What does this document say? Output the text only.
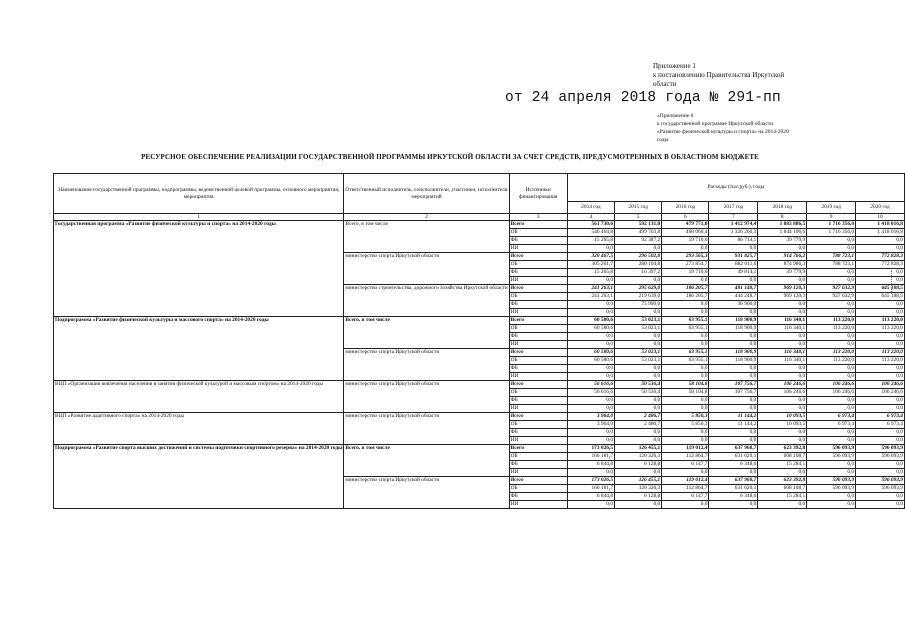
Приложение 1
к постановлению Правительства Иркутской
области
от 24 апреля 2018 года № 291-пп
«Приложение 8
к государственной программе Иркутской области
«Развитие физической культуры и спорта» на 2014-2020
годы
РЕСУРСНОЕ ОБЕСПЕЧЕНИЕ РЕАЛИЗАЦИИ ГОСУДАРСТВЕННОЙ ПРОГРАММЫ ИРКУТСКОЙ ОБЛАСТИ ЗА СЧЕТ СРЕДСТВ, ПРЕДУСМОТРЕННЫХ В ОБЛАСТНОМ БЮДЖЕТЕ
Наименование государственной программы, подпрограммы, ведомственной целевой программы, основного мероприятия, мероприятия	Ответственный исполнитель, соисполнители, участники, исполнители мероприятий	Источники финансирования	Расходы (тыс.руб.), годы						
			2014 год	2015 год	2016 год	2017 год	2018 год	2019 год	2020 год
1	2	3	4	5	6	7	8	9	10
Государственная программа «Развитие физической культуры и спорта» на 2014-2020 годы	Всего, в том числе	Всего	561 730,6	592 131,0	479 771,0	1 412 974,4	1 883 886,5	1 716 356,0	1 418 016,8
		ОБ	546 464,8	499 763,8	460 060,4	1 326 260,3	1 844 106,6	1 716 356,0	1 418 016,8
		ФБ	15 265,8	92 387,2	19 710,6	86 714,1	39 779,9	0,0	0,0
		ИИ	0,0	0,0	0,0	0,0	0,0	0,0	0,0
	министерство спорта Иркутской области	Всего	320 467,5	296 502,0	293 565,3	931 825,7	914 766,2	788 723,1	772 828,3
		ОБ	305 201,7	280 104,8	273 854,7	882 011,6	874 986,3	788 723,1	772 828,3
		ФБ	15 265,8	16 397,2	19 710,6	49 814,1	39 779,9	0,0	0,0
		ИИ	0,0	0,0	0,0	0,0	0,0	0,0	0,0
	министерство строительства, дорожного хозяйства Иркутской области	Всего	241 263,1	295 629,0	186 205,7	481 148,7	969 120,3	927 632,9	645 188,5
		ОБ	241 263,1	219 639,0	186 205,7	444 248,7	969 120,3	927 632,9	645 188,5
		ФБ	0,0	75 990,0	0,0	36 900,0	0,0	0,0	0,0
		ИИ	0,0	0,0	0,0	0,0	0,0	0,0	0,0
Подпрограмма «Развитие физической культуры и массового спорта» на 2014-2020 годы	Всего, в том числе	Всего	60 580,6	53 023,1	63 955,1	118 900,9	116 340,1	113 220,0	113 220,0
		ОБ	60 580,6	53 023,1	63 955,1	118 900,9	116 340,1	113 220,0	113 220,0
		ФБ	0,0	0,0	0,0	0,0	0,0	0,0	0,0
		ИИ	0,0	0,0	0,0	0,0	0,0	0,0	0,0
	министерство спорта Иркутской области	Всего	60 580,6	53 023,1	63 955,1	118 900,9	116 340,1	113 220,0	113 220,0
		ОБ	60 580,6	53 023,1	63 955,1	118 900,9	116 340,1	113 220,0	113 220,0
		ФБ	0,0	0,0	0,0	0,0	0,0	0,0	0,0
		ИИ	0,0	0,0	0,0	0,0	0,0	0,0	0,0
ВЦП «Организация вовлечения населения в занятия физической культурой и массовым спортом» на 2014-2020 годы	министерство спорта Иркутской области	Всего	56 616,6	50 536,4	58 104,8	107 756,7	106 246,6	106 246,6	106 246,6
		ОБ	56 616,6	50 536,4	58 104,8	107 756,7	106 246,6	106 246,6	106 246,6
		ФБ	0,0	0,0	0,0	0,0	0,0	0,0	0,0
		ИИ	0,0	0,0	0,0	0,0	0,0	0,0	0,0
ВЦП «Развитие адаптивного спорта» на 2014-2020 годы	министерство спорта Иркутской области	Всего	3 964,0	2 486,7	5 850,3	11 144,2	10 093,5	6 973,4	6 973,4
		ОБ	3 964,0	2 486,7	5 850,3	11 144,2	10 093,5	6 973,4	6 973,4
		ФБ	0,0	0,0	0,0	0,0	0,0	0,0	0,0
		ИИ	0,0	0,0	0,0	0,0	0,0	0,0	0,0
Подпрограмма «Развитие спорта высших достижений и системы подготовки спортивного резерва» на 2014-2020 годы	Всего, в том числе	Всего	173 026,5	126 455,1	119 012,4	637 968,7	623 392,8	596 093,9	596 093,9
		ОБ	166 181,7	120 326,3	112 864,7	631 620,1	608 108,7	596 093,9	596 093,9
		ФБ	6 844,8	6 128,8	6 147,7	6 348,6	15 284,1	0,0	0,0
		ИИ	0,0	0,0	0,0	0,0	0,0	0,0	0,0
	министерство спорта Иркутской области	Всего	173 026,5	126 455,1	119 012,4	637 968,7	623 392,8	596 093,9	596 093,9
		ОБ	166 181,7	120 326,3	112 864,7	631 620,1	608 108,7	596 093,9	596 093,9
		ФБ	6 844,8	6 128,8	6 147,7	6 348,6	15 284,1	0,0	0,0
		ИИ	0,0	0,0	0,0	0,0	0,0	0,0	0,0
